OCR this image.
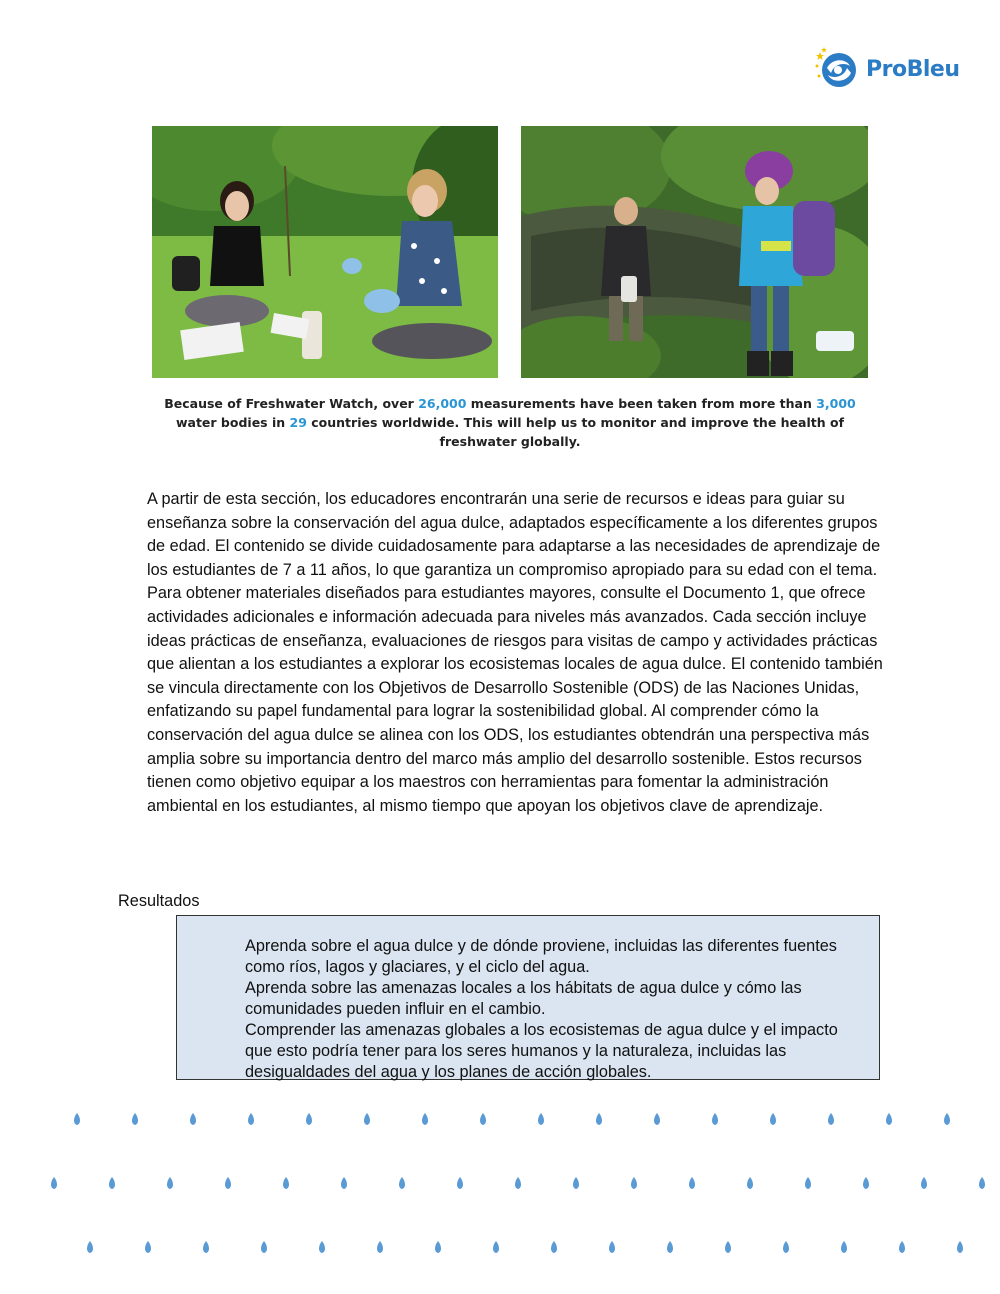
ProBleu
Because of Freshwater Watch, over 26,000 measurements have been taken from more than 3,000 water bodies in 29 countries worldwide. This will help us to monitor and improve the health of freshwater globally.

A partir de esta sección, los educadores encontrarán una serie de recursos e ideas para guiar su enseñanza sobre la conservación del agua dulce, adaptados específicamente a los diferentes grupos de edad. El contenido se divide cuidadosamente para adaptarse a las necesidades de aprendizaje de los estudiantes de 7 a 11 años, lo que garantiza un compromiso apropiado para su edad con el tema. Para obtener materiales diseñados para estudiantes mayores, consulte el Documento 1, que ofrece actividades adicionales e información adecuada para niveles más avanzados. Cada sección incluye ideas prácticas de enseñanza, evaluaciones de riesgos para visitas de campo y actividades prácticas que alientan a los estudiantes a explorar los ecosistemas locales de agua dulce. El contenido también se vincula directamente con los Objetivos de Desarrollo Sostenible (ODS) de las Naciones Unidas, enfatizando su papel fundamental para lograr la sostenibilidad global. Al comprender cómo la conservación del agua dulce se alinea con los ODS, los estudiantes obtendrán una perspectiva más amplia sobre su importancia dentro del marco más amplio del desarrollo sostenible. Estos recursos tienen como objetivo equipar a los maestros con herramientas para fomentar la administración ambiental en los estudiantes, al mismo tiempo que apoyan los objetivos clave de aprendizaje.

Resultados

Aprenda sobre el agua dulce y de dónde proviene, incluidas las diferentes fuentes como ríos, lagos y glaciares, y el ciclo del agua.
Aprenda sobre las amenazas locales a los hábitats de agua dulce y cómo las comunidades pueden influir en el cambio.
Comprender las amenazas globales a los ecosistemas de agua dulce y el impacto que esto podría tener para los seres humanos y la naturaleza, incluidas las desigualdades del agua y los planes de acción globales.
